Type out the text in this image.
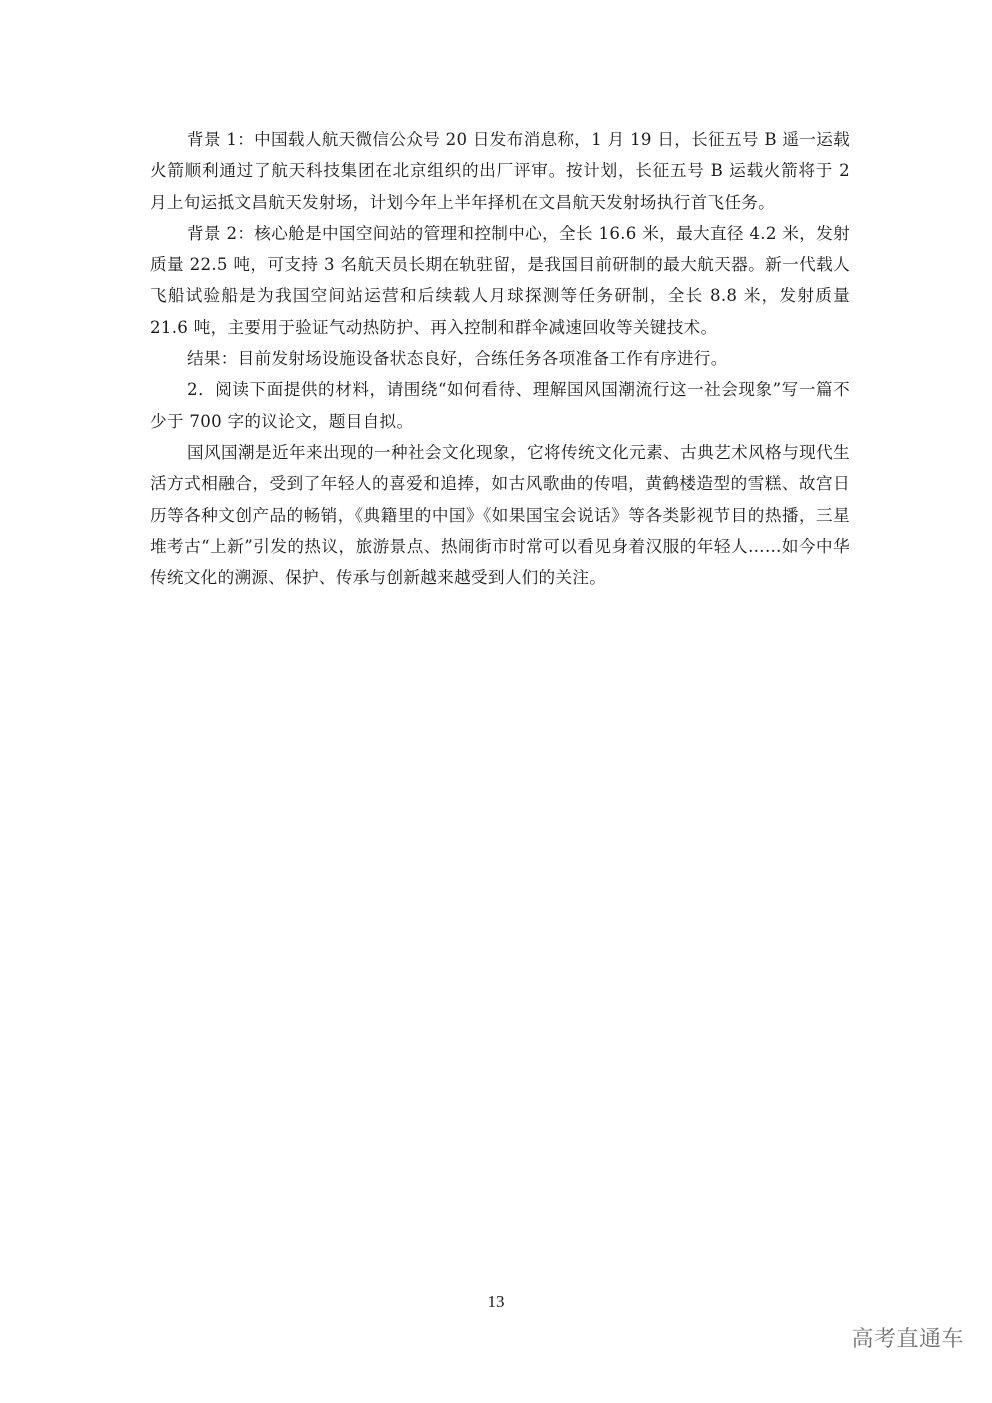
背景 1：中国载人航天微信公众号 20 日发布消息称，1 月 19 日，长征五号 B 遥一运载火箭顺利通过了航天科技集团在北京组织的出厂评审。按计划，长征五号 B 运载火箭将于 2 月上旬运抵文昌航天发射场，计划今年上半年择机在文昌航天发射场执行首飞任务。

背景 2：核心舱是中国空间站的管理和控制中心，全长 16.6 米，最大直径 4.2 米，发射质量 22.5 吨，可支持 3 名航天员长期在轨驻留，是我国目前研制的最大航天器。新一代载人飞船试验船是为我国空间站运营和后续载人月球探测等任务研制，全长 8.8 米，发射质量 21.6 吨，主要用于验证气动热防护、再入控制和群伞减速回收等关键技术。

结果：目前发射场设施设备状态良好，合练任务各项准备工作有序进行。

2．阅读下面提供的材料，请围绕“如何看待、理解国风国潮流行这一社会现象”写一篇不少于 700 字的议论文，题目自拟。

国风国潮是近年来出现的一种社会文化现象，它将传统文化元素、古典艺术风格与现代生活方式相融合，受到了年轻人的喜爱和追捧，如古风歌曲的传唱，黄鹤楼造型的雪糕、故宫日历等各种文创产品的畅销，《典籍里的中国》《如果国宝会说话》等各类影视节目的热播，三星堆考古“上新”引发的热议，旅游景点、热闹街市时常可以看见身着汉服的年轻人……如今中华传统文化的溯源、保护、传承与创新越来越受到人们的关注。

13
高考直通车
